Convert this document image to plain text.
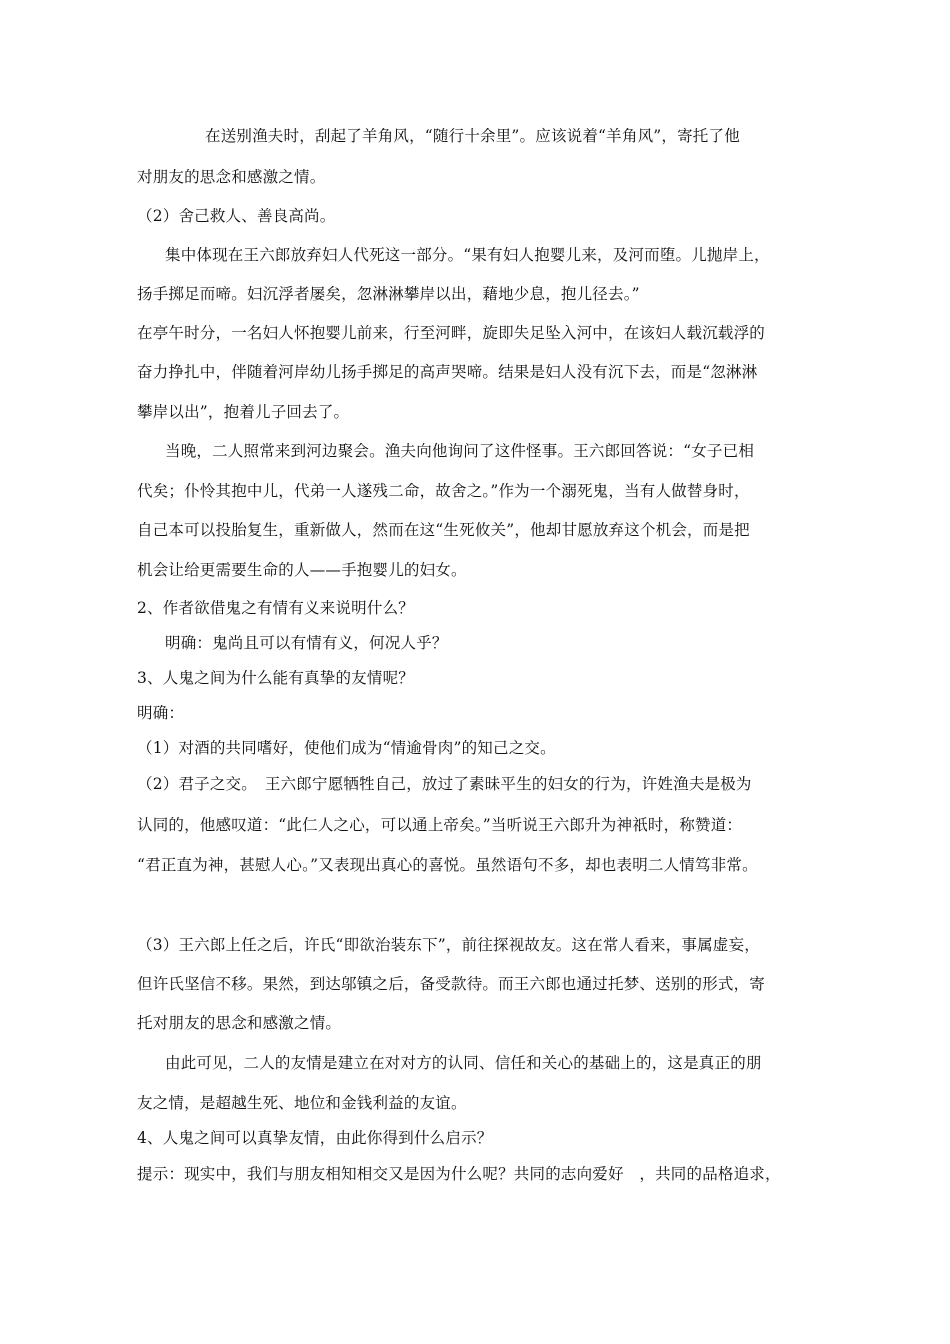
在送别渔夫时，刮起了羊角风，“随行十余里”。应该说着“羊角风”，寄托了他
对朋友的思念和感激之情。
（2）舍己救人、善良高尚。
集中体现在王六郎放弃妇人代死这一部分。“果有妇人抱婴儿来，及河而堕。儿抛岸上，
扬手掷足而啼。妇沉浮者屡矣，忽淋淋攀岸以出，藉地少息，抱儿径去。”
在亭午时分，一名妇人怀抱婴儿前来，行至河畔，旋即失足坠入河中，在该妇人载沉载浮的
奋力挣扎中，伴随着河岸幼儿扬手掷足的高声哭啼。结果是妇人没有沉下去，而是“忽淋淋
攀岸以出”，抱着儿子回去了。
当晚，二人照常来到河边聚会。渔夫向他询问了这件怪事。王六郎回答说：“女子已相
代矣；仆怜其抱中儿，代弟一人遂残二命，故舍之。”作为一个溺死鬼，当有人做替身时，
自己本可以投胎复生，重新做人，然而在这“生死攸关”，他却甘愿放弃这个机会，而是把
机会让给更需要生命的人——手抱婴儿的妇女。
2、作者欲借鬼之有情有义来说明什么？
明确：鬼尚且可以有情有义，何况人乎？
3、人鬼之间为什么能有真挚的友情呢？
明确：
（1）对酒的共同嗜好，使他们成为“情逾骨肉”的知己之交。
（2）君子之交。　王六郎宁愿牺牲自己，放过了素昧平生的妇女的行为，许姓渔夫是极为
认同的，他感叹道：“此仁人之心，可以通上帝矣。”当听说王六郎升为神祇时，称赞道：
“君正直为神，甚慰人心。”又表现出真心的喜悦。虽然语句不多，却也表明二人情笃非常。
（3）王六郎上任之后，许氏“即欲治装东下”，前往探视故友。这在常人看来，事属虚妄，
但许氏坚信不移。果然，到达邬镇之后，备受款待。而王六郎也通过托梦、送别的形式，寄
托对朋友的思念和感激之情。
由此可见，二人的友情是建立在对对方的认同、信任和关心的基础上的，这是真正的朋
友之情，是超越生死、地位和金钱利益的友谊。
4、人鬼之间可以真挚友情，由此你得到什么启示？
提示：现实中，我们与朋友相知相交又是因为什么呢？共同的志向爱好　，共同的品格追求，
